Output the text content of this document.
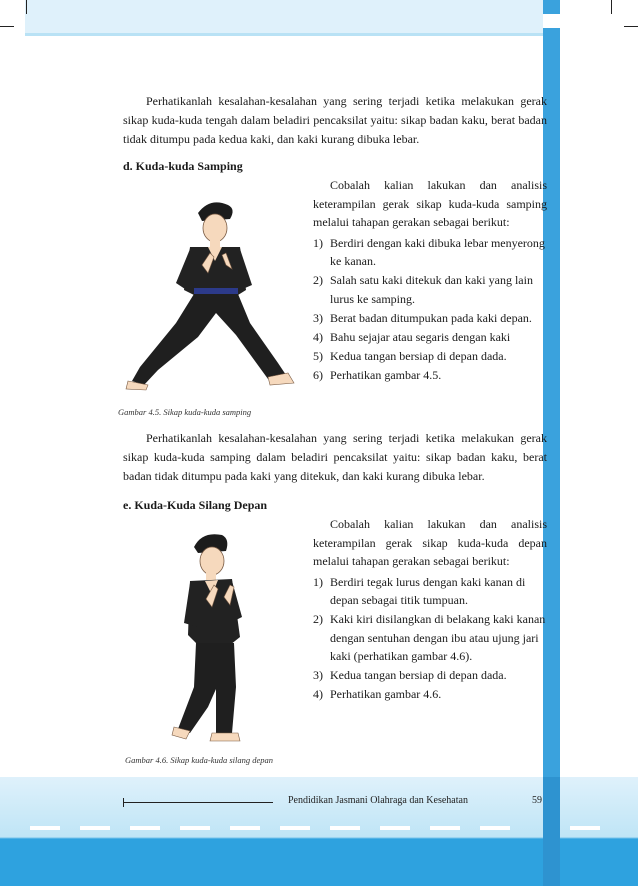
Perhatikanlah kesalahan-kesalahan yang sering terjadi ketika melakukan gerak sikap kuda-kuda tengah dalam beladiri pencaksilat yaitu: sikap badan kaku, berat badan tidak ditumpu pada kedua kaki, dan kaki kurang dibuka lebar.

d. Kuda-kuda Samping
Gambar 4.5. Sikap kuda-kuda samping

Cobalah kalian lakukan dan analisis keterampilan gerak sikap kuda-kuda samping melalui tahapan gerakan sebagai berikut:

1) Berdiri dengan kaki dibuka lebar menyerong ke kanan.
2) Salah satu kaki ditekuk dan kaki yang lain lurus ke samping.
3) Berat badan ditumpukan pada kaki depan.
4) Bahu sejajar atau segaris dengan kaki
5) Kedua tangan bersiap di depan dada.
6) Perhatikan gambar 4.5.

Perhatikanlah kesalahan-kesalahan yang sering terjadi ketika melakukan gerak sikap kuda-kuda samping dalam beladiri pencaksilat yaitu: sikap badan kaku, berat badan tidak ditumpu pada kaki yang ditekuk, dan kaki kurang dibuka lebar.

e. Kuda-Kuda Silang Depan
Gambar 4.6. Sikap kuda-kuda silang depan

Cobalah kalian lakukan dan analisis keterampilan gerak sikap kuda-kuda depan melalui tahapan gerakan sebagai berikut:

1) Berdiri tegak lurus dengan kaki kanan di depan sebagai titik tumpuan.
2) Kaki kiri disilangkan di belakang kaki kanan dengan sentuhan dengan ibu atau ujung jari kaki (perhatikan gambar 4.6).
3) Kedua tangan bersiap di depan dada.
4) Perhatikan gambar 4.6.
Pendidikan Jasmani Olahraga dan Kesehatan	59
